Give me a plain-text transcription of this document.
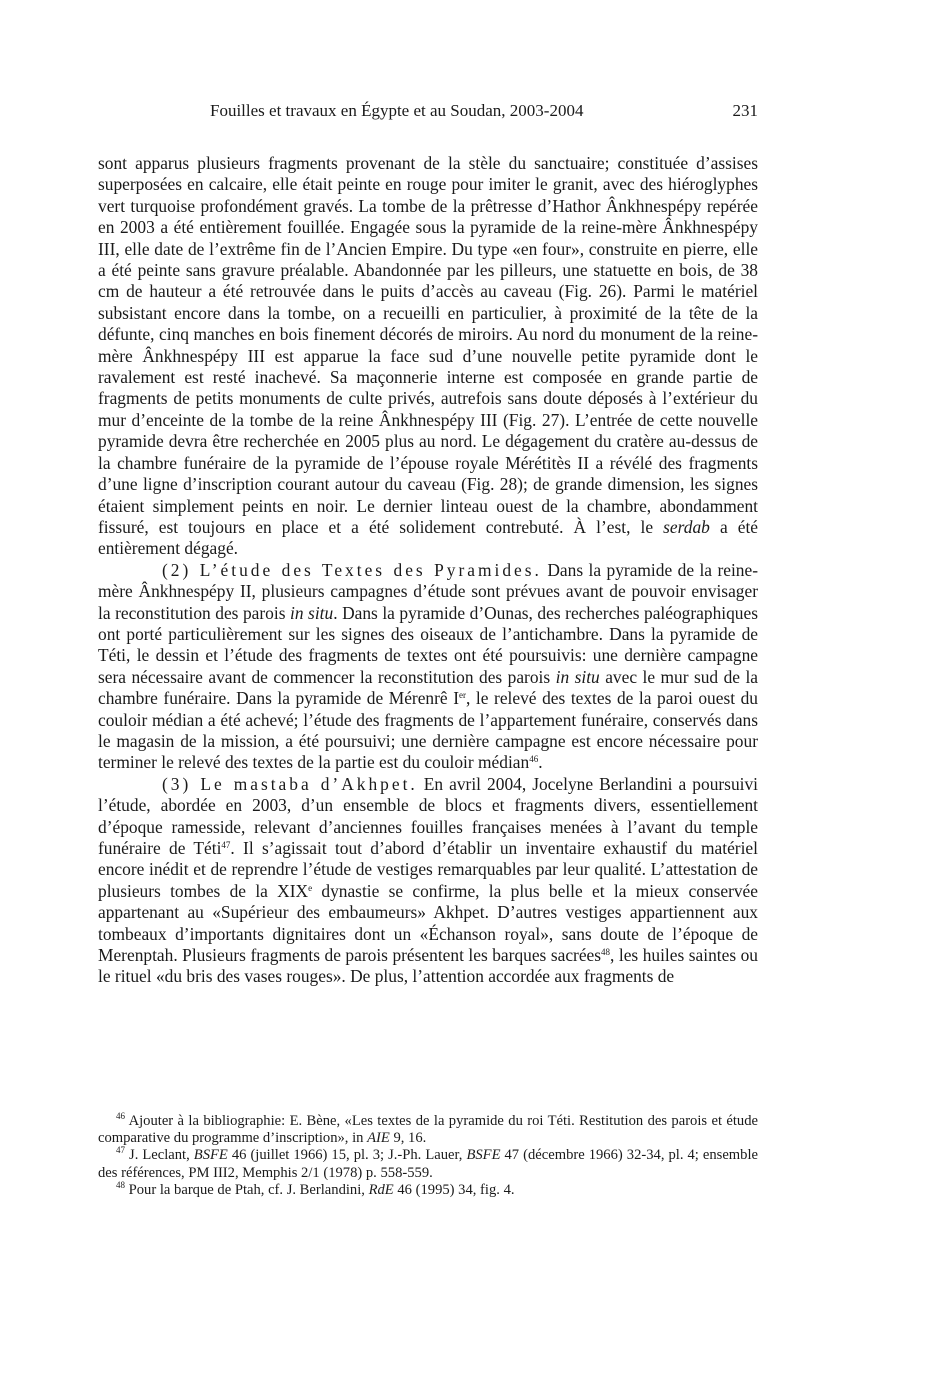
Fouilles et travaux en Égypte et au Soudan, 2003-2004	231

sont apparus plusieurs fragments provenant de la stèle du sanctuaire; constituée d’assises superposées en calcaire, elle était peinte en rouge pour imiter le granit, avec des hiéroglyphes vert turquoise profondément gravés. La tombe de la prêtresse d’Hathor Ânkhnespépy repérée en 2003 a été entièrement fouillée. Engagée sous la pyramide de la reine-mère Ânkhnespépy III, elle date de l’extrême fin de l’Ancien Empire. Du type «en four», construite en pierre, elle a été peinte sans gravure préalable. Abandonnée par les pilleurs, une statuette en bois, de 38 cm de hauteur a été retrouvée dans le puits d’accès au caveau (Fig. 26). Parmi le matériel subsistant encore dans la tombe, on a recueilli en particulier, à proximité de la tête de la défunte, cinq manches en bois finement décorés de miroirs. Au nord du monument de la reine-mère Ânkhnespépy III est apparue la face sud d’une nouvelle petite pyramide dont le ravalement est resté inachevé. Sa maçonnerie interne est composée en grande partie de fragments de petits monuments de culte privés, autrefois sans doute déposés à l’extérieur du mur d’enceinte de la tombe de la reine Ânkhnespépy III (Fig. 27). L’entrée de cette nouvelle pyramide devra être recherchée en 2005 plus au nord. Le dégagement du cratère au-dessus de la chambre funéraire de la pyramide de l’épouse royale Mérétitès II a révélé des fragments d’une ligne d’inscription courant autour du caveau (Fig. 28); de grande dimension, les signes étaient simplement peints en noir. Le dernier linteau ouest de la chambre, abondamment fissuré, est toujours en place et a été solidement contrebuté. À l’est, le serdab a été entièrement dégagé.

(2) L’étude des Textes des Pyramides. Dans la pyramide de la reine-mère Ânkhnespépy II, plusieurs campagnes d’étude sont prévues avant de pouvoir envisager la reconstitution des parois in situ. Dans la pyramide d’Ounas, des recherches paléographiques ont porté particulièrement sur les signes des oiseaux de l’antichambre. Dans la pyramide de Téti, le dessin et l’étude des fragments de textes ont été poursuivis: une dernière campagne sera nécessaire avant de commencer la reconstitution des parois in situ avec le mur sud de la chambre funéraire. Dans la pyramide de Mérenrê Ier, le relevé des textes de la paroi ouest du couloir médian a été achevé; l’étude des fragments de l’appartement funéraire, conservés dans le magasin de la mission, a été poursuivi; une dernière campagne est encore nécessaire pour terminer le relevé des textes de la partie est du couloir médian$^{46}$.

(3) Le mastaba d’Akhpet. En avril 2004, Jocelyne Berlandini a poursuivi l’étude, abordée en 2003, d’un ensemble de blocs et fragments divers, essentiellement d’époque ramesside, relevant d’anciennes fouilles françaises menées à l’avant du temple funéraire de Téti$^{47}$. Il s’agissait tout d’abord d’établir un inventaire exhaustif du matériel encore inédit et de reprendre l’étude de vestiges remarquables par leur qualité. L’attestation de plusieurs tombes de la XIXe dynastie se confirme, la plus belle et la mieux conservée appartenant au «Supérieur des embaumeurs» Akhpet. D’autres vestiges appartiennent aux tombeaux d’importants dignitaires dont un «Échanson royal», sans doute de l’époque de Merenptah. Plusieurs fragments de parois présentent les barques sacrées$^{48}$, les huiles saintes ou le rituel «du bris des vases rouges». De plus, l’attention accordée aux fragments de

$^{46}$ Ajouter à la bibliographie: E. Bène, «Les textes de la pyramide du roi Téti. Restitution des parois et étude comparative du programme d’inscription», in AIE 9, 16.

$^{47}$ J. Leclant, BSFE 46 (juillet 1966) 15, pl. 3; J.-Ph. Lauer, BSFE 47 (décembre 1966) 32-34, pl. 4; ensemble des références, PM III2, Memphis 2/1 (1978) p. 558-559.

$^{48}$ Pour la barque de Ptah, cf. J. Berlandini, RdE 46 (1995) 34, fig. 4.
